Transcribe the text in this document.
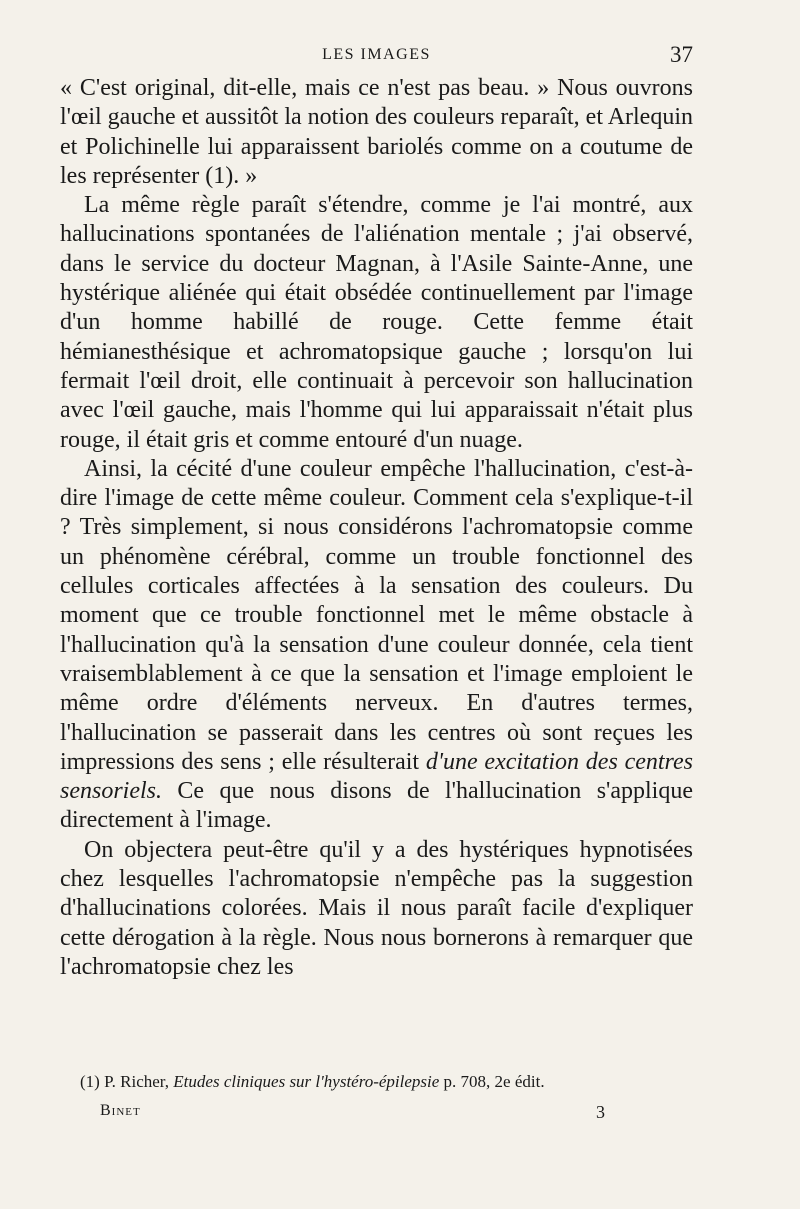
LES IMAGES	37

« C'est original, dit-elle, mais ce n'est pas beau. » Nous ouvrons l'œil gauche et aussitôt la notion des couleurs reparaît, et Arlequin et Polichinelle lui apparaissent bariolés comme on a coutume de les représenter (1). »

La même règle paraît s'étendre, comme je l'ai montré, aux hallucinations spontanées de l'aliénation mentale ; j'ai observé, dans le service du docteur Magnan, à l'Asile Sainte-Anne, une hystérique aliénée qui était obsédée continuellement par l'image d'un homme habillé de rouge. Cette femme était hémianesthésique et achromatopsique gauche ; lorsqu'on lui fermait l'œil droit, elle continuait à percevoir son hallucination avec l'œil gauche, mais l'homme qui lui apparaissait n'était plus rouge, il était gris et comme entouré d'un nuage.

Ainsi, la cécité d'une couleur empêche l'hallucination, c'est-à-dire l'image de cette même couleur. Comment cela s'explique-t-il ? Très simplement, si nous considérons l'achromatopsie comme un phénomène cérébral, comme un trouble fonctionnel des cellules corticales affectées à la sensation des couleurs. Du moment que ce trouble fonctionnel met le même obstacle à l'hallucination qu'à la sensation d'une couleur donnée, cela tient vraisemblablement à ce que la sensation et l'image emploient le même ordre d'éléments nerveux. En d'autres termes, l'hallucination se passerait dans les centres où sont reçues les impressions des sens ; elle résulterait d'une excitation des centres sensoriels. Ce que nous disons de l'hallucination s'applique directement à l'image.

On objectera peut-être qu'il y a des hystériques hypnotisées chez lesquelles l'achromatopsie n'empêche pas la suggestion d'hallucinations colorées. Mais il nous paraît facile d'expliquer cette dérogation à la règle. Nous nous bornerons à remarquer que l'achromatopsie chez les

(1) P. Richer, Etudes cliniques sur l'hystéro-épilepsie p. 708, 2e édit.
Binet	3
